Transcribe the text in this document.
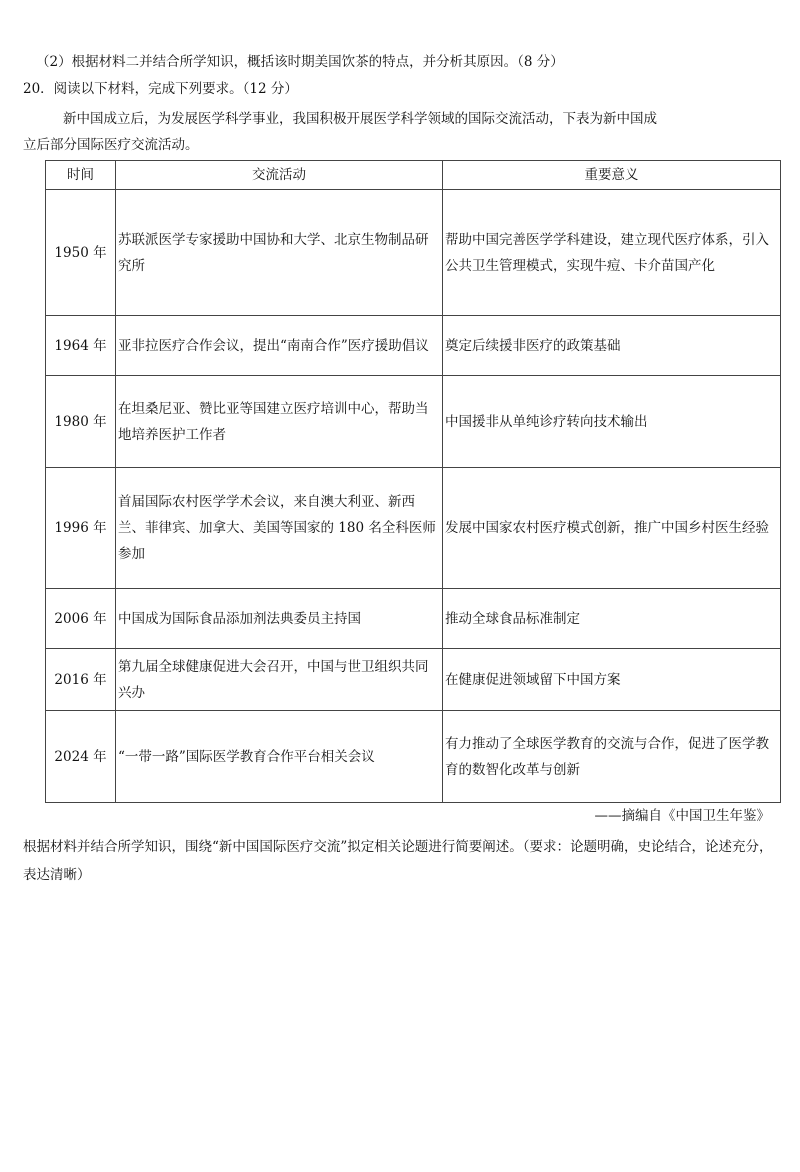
（2）根据材料二并结合所学知识，概括该时期美国饮茶的特点，并分析其原因。（8 分）
20．阅读以下材料，完成下列要求。（12 分）
新中国成立后，为发展医学科学事业，我国积极开展医学科学领域的国际交流活动，下表为新中国成
立后部分国际医疗交流活动。
时间	交流活动	重要意义
1950 年	苏联派医学专家援助中国协和大学、北京生物制品研究所	帮助中国完善医学学科建设，建立现代医疗体系，引入公共卫生管理模式，实现牛痘、卡介苗国产化
1964 年	亚非拉医疗合作会议，提出“南南合作”医疗援助倡议	奠定后续援非医疗的政策基础
1980 年	在坦桑尼亚、赞比亚等国建立医疗培训中心，帮助当地培养医护工作者	中国援非从单纯诊疗转向技术输出
1996 年	首届国际农村医学学术会议，来自澳大利亚、新西兰、菲律宾、加拿大、美国等国家的 180 名全科医师参加	发展中国家农村医疗模式创新，推广中国乡村医生经验
2006 年	中国成为国际食品添加剂法典委员主持国	推动全球食品标准制定
2016 年	第九届全球健康促进大会召开，中国与世卫组织共同兴办	在健康促进领域留下中国方案
2024 年	“一带一路”国际医学教育合作平台相关会议	有力推动了全球医学教育的交流与合作，促进了医学教育的数智化改革与创新
——摘编自《中国卫生年鉴》
根据材料并结合所学知识，围绕“新中国国际医疗交流”拟定相关论题进行简要阐述。（要求：论题明确，史论结合，论述充分，表达清晰）
